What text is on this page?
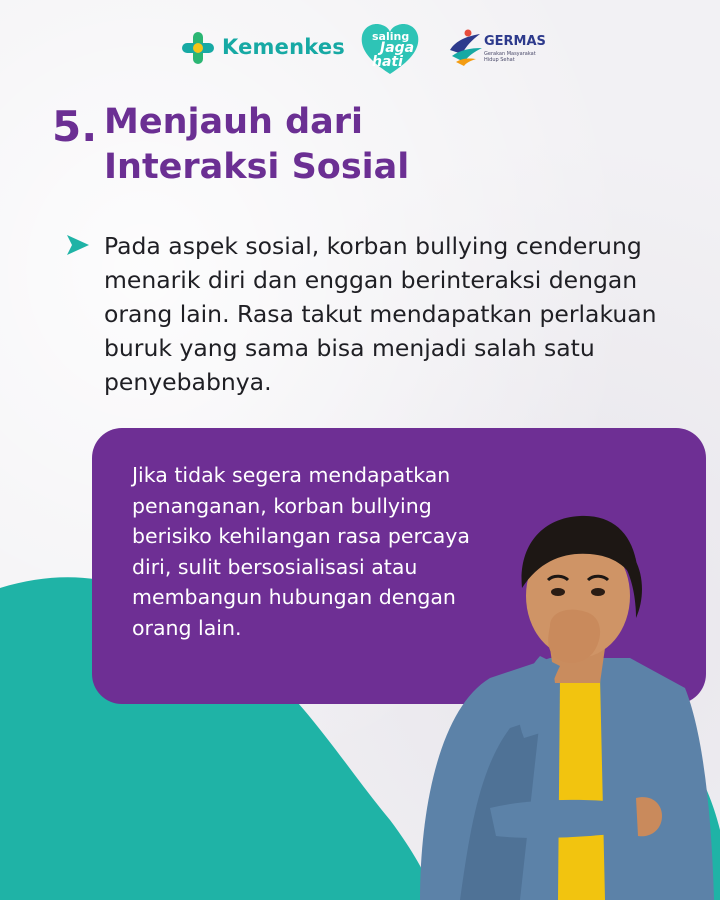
Kemenkes saling
Jaga
hati
GERMAS
Gerakan Masyarakat Hidup Sehat
5. Menjauh dari
Interaksi Sosial
Pada aspek sosial, korban bullying cenderung menarik diri dan enggan berinteraksi dengan orang lain. Rasa takut mendapatkan perlakuan buruk yang sama bisa menjadi salah satu penyebabnya.
Jika tidak segera mendapatkan penanganan, korban bullying berisiko kehilangan rasa percaya diri, sulit bersosialisasi atau membangun hubungan dengan orang lain.
